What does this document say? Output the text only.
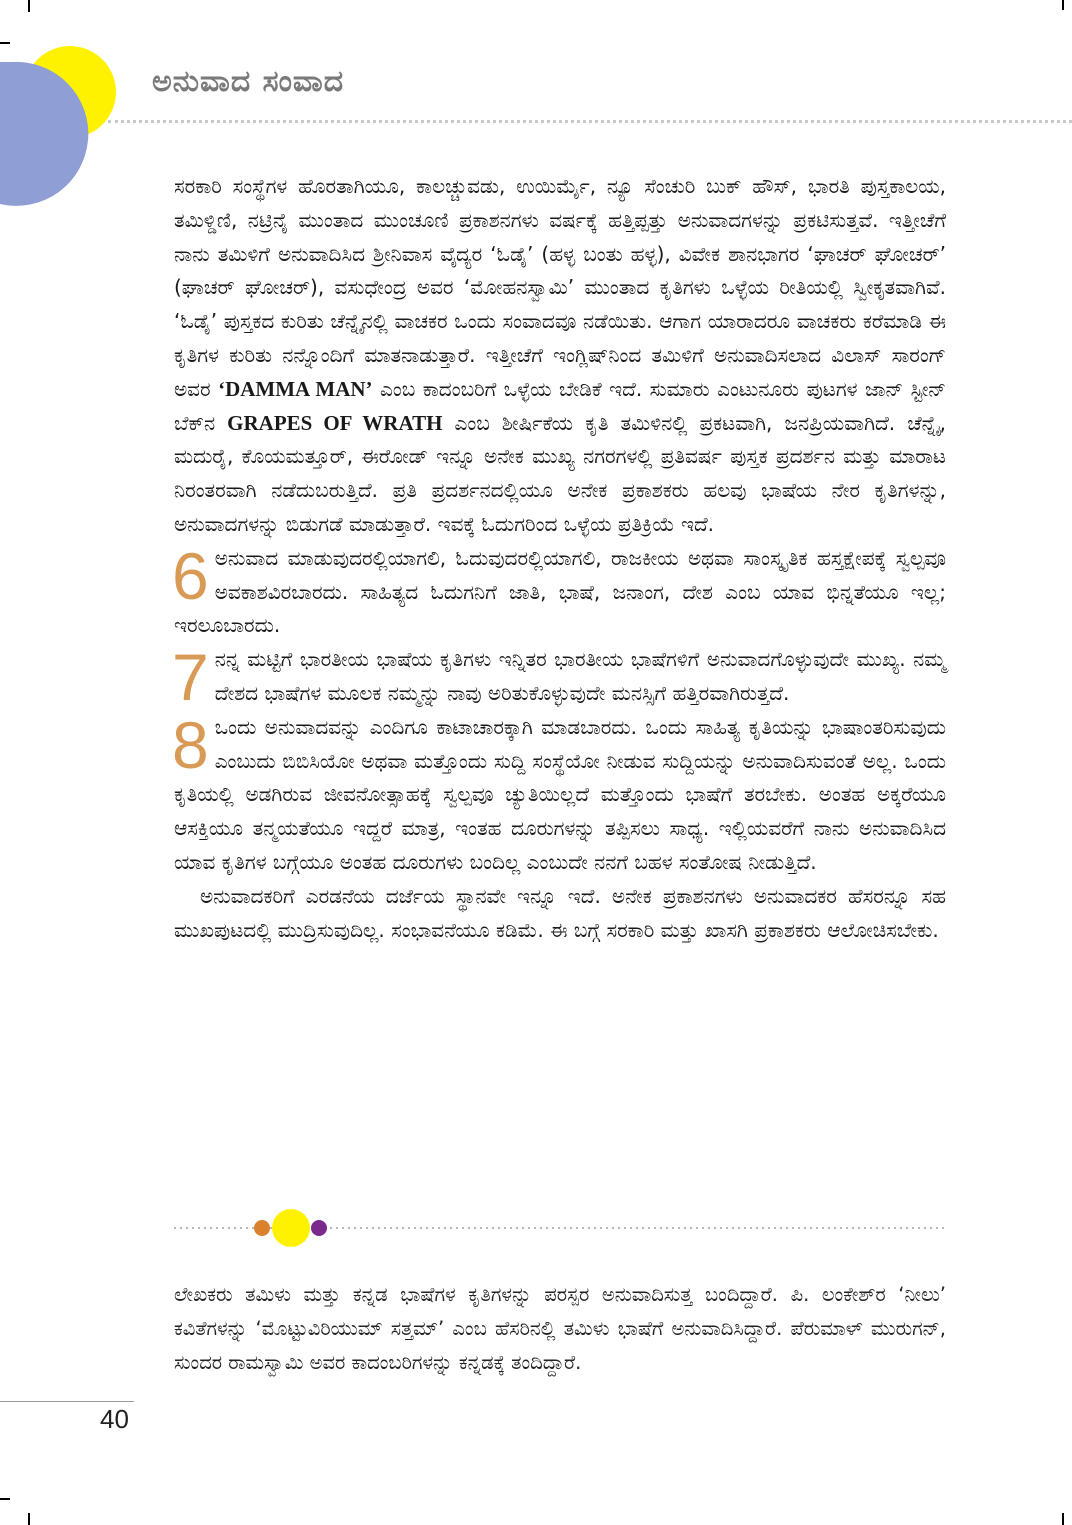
ಅನುವಾದ ಸಂವಾದ

ಸರಕಾರಿ ಸಂಸ್ಥೆಗಳ ಹೊರತಾಗಿಯೂ, ಕಾಲಚ್ಚುವಡು, ಉಯಿರ್ಮೈ, ನ್ಯೂ ಸೆಂಚುರಿ ಬುಕ್ ಹೌಸ್, ಭಾರತಿ ಪುಸ್ತಕಾಲಯ, ತಮಿಳ್ಡಿಣಿ, ನಟ್ರಿನೈ ಮುಂತಾದ ಮುಂಚೂಣಿ ಪ್ರಕಾಶನಗಳು ವರ್ಷಕ್ಕೆ ಹತ್ತಿಪ್ಪತ್ತು ಅನುವಾದಗಳನ್ನು ಪ್ರಕಟಿಸುತ್ತವೆ. ಇತ್ತೀಚೆಗೆ ನಾನು ತಮಿಳಿಗೆ ಅನುವಾದಿಸಿದ ಶ್ರೀನಿವಾಸ ವೈದ್ಯರ ‘ಓಡೈ’ (ಹಳ್ಳ ಬಂತು ಹಳ್ಳ), ವಿವೇಕ ಶಾನಭಾಗರ ‘ಘಾಚರ್ ಘೋಚರ್’ (ಘಾಚರ್ ಘೋಚರ್), ವಸುಧೇಂದ್ರ ಅವರ ‘ಮೋಹನಸ್ವಾಮಿ’ ಮುಂತಾದ ಕೃತಿಗಳು ಒಳ್ಳೆಯ ರೀತಿಯಲ್ಲಿ ಸ್ವೀಕೃತವಾಗಿವೆ. ‘ಓಡೈ’ ಪುಸ್ತಕದ ಕುರಿತು ಚೆನ್ನೈನಲ್ಲಿ ವಾಚಕರ ಒಂದು ಸಂವಾದವೂ ನಡೆಯಿತು. ಆಗಾಗ ಯಾರಾದರೂ ವಾಚಕರು ಕರೆಮಾಡಿ ಈ ಕೃತಿಗಳ ಕುರಿತು ನನ್ನೊಂದಿಗೆ ಮಾತನಾಡುತ್ತಾರೆ. ಇತ್ತೀಚೆಗೆ ಇಂಗ್ಲಿಷ್‌ನಿಂದ ತಮಿಳಿಗೆ ಅನುವಾದಿಸಲಾದ ವಿಲಾಸ್ ಸಾರಂಗ್ ಅವರ ‘DAMMA MAN’ ಎಂಬ ಕಾದಂಬರಿಗೆ ಒಳ್ಳೆಯ ಬೇಡಿಕೆ ಇದೆ. ಸುಮಾರು ಎಂಟುನೂರು ಪುಟಗಳ ಜಾನ್ ಸ್ಟೀನ್ ಬೆಕ್‌ನ GRAPES OF WRATH ಎಂಬ ಶೀರ್ಷಿಕೆಯ ಕೃತಿ ತಮಿಳಿನಲ್ಲಿ ಪ್ರಕಟವಾಗಿ, ಜನಪ್ರಿಯವಾಗಿದೆ. ಚೆನ್ನೈ, ಮದುರೈ, ಕೊಯಮತ್ತೂರ್, ಈರೋಡ್ ಇನ್ನೂ ಅನೇಕ ಮುಖ್ಯ ನಗರಗಳಲ್ಲಿ ಪ್ರತಿವರ್ಷ ಪುಸ್ತಕ ಪ್ರದರ್ಶನ ಮತ್ತು ಮಾರಾಟ ನಿರಂತರವಾಗಿ ನಡೆದುಬರುತ್ತಿದೆ. ಪ್ರತಿ ಪ್ರದರ್ಶನದಲ್ಲಿಯೂ ಅನೇಕ ಪ್ರಕಾಶಕರು ಹಲವು ಭಾಷೆಯ ನೇರ ಕೃತಿಗಳನ್ನು, ಅನುವಾದಗಳನ್ನು ಬಿಡುಗಡೆ ಮಾಡುತ್ತಾರೆ. ಇವಕ್ಕೆ ಓದುಗರಿಂದ ಒಳ್ಳೆಯ ಪ್ರತಿಕ್ರಿಯೆ ಇದೆ.

6 ಅನುವಾದ ಮಾಡುವುದರಲ್ಲಿಯಾಗಲಿ, ಓದುವುದರಲ್ಲಿಯಾಗಲಿ, ರಾಜಕೀಯ ಅಥವಾ ಸಾಂಸ್ಕೃತಿಕ ಹಸ್ತಕ್ಷೇಪಕ್ಕೆ ಸ್ವಲ್ಪವೂ ಅವಕಾಶವಿರಬಾರದು. ಸಾಹಿತ್ಯದ ಓದುಗನಿಗೆ ಜಾತಿ, ಭಾಷೆ, ಜನಾಂಗ, ದೇಶ ಎಂಬ ಯಾವ ಭಿನ್ನತೆಯೂ ಇಲ್ಲ; ಇರಲೂಬಾರದು.

7 ನನ್ನ ಮಟ್ಟಿಗೆ ಭಾರತೀಯ ಭಾಷೆಯ ಕೃತಿಗಳು ಇನ್ನಿತರ ಭಾರತೀಯ ಭಾಷೆಗಳಿಗೆ ಅನುವಾದಗೊಳ್ಳುವುದೇ ಮುಖ್ಯ. ನಮ್ಮ ದೇಶದ ಭಾಷೆಗಳ ಮೂಲಕ ನಮ್ಮನ್ನು ನಾವು ಅರಿತುಕೊಳ್ಳುವುದೇ ಮನಸ್ಸಿಗೆ ಹತ್ತಿರವಾಗಿರುತ್ತದೆ.

8 ಒಂದು ಅನುವಾದವನ್ನು ಎಂದಿಗೂ ಕಾಟಾಚಾರಕ್ಕಾಗಿ ಮಾಡಬಾರದು. ಒಂದು ಸಾಹಿತ್ಯ ಕೃತಿಯನ್ನು ಭಾಷಾಂತರಿಸುವುದು ಎಂಬುದು ಬಿಬಿಸಿಯೋ ಅಥವಾ ಮತ್ತೊಂದು ಸುದ್ದಿ ಸಂಸ್ಥೆಯೋ ನೀಡುವ ಸುದ್ದಿಯನ್ನು ಅನುವಾದಿಸುವಂತೆ ಅಲ್ಲ. ಒಂದು ಕೃತಿಯಲ್ಲಿ ಅಡಗಿರುವ ಜೀವನೋತ್ಸಾಹಕ್ಕೆ ಸ್ವಲ್ಪವೂ ಚ್ಯುತಿಯಿಲ್ಲದೆ ಮತ್ತೊಂದು ಭಾಷೆಗೆ ತರಬೇಕು. ಅಂತಹ ಅಕ್ಕರೆಯೂ ಆಸಕ್ತಿಯೂ ತನ್ಮಯತೆಯೂ ಇದ್ದರೆ ಮಾತ್ರ, ಇಂತಹ ದೂರುಗಳನ್ನು ತಪ್ಪಿಸಲು ಸಾಧ್ಯ. ಇಲ್ಲಿಯವರೆಗೆ ನಾನು ಅನುವಾದಿಸಿದ ಯಾವ ಕೃತಿಗಳ ಬಗ್ಗೆಯೂ ಅಂತಹ ದೂರುಗಳು ಬಂದಿಲ್ಲ ಎಂಬುದೇ ನನಗೆ ಬಹಳ ಸಂತೋಷ ನೀಡುತ್ತಿದೆ.

ಅನುವಾದಕರಿಗೆ ಎರಡನೆಯ ದರ್ಜೆಯ ಸ್ಥಾನವೇ ಇನ್ನೂ ಇದೆ. ಅನೇಕ ಪ್ರಕಾಶನಗಳು ಅನುವಾದಕರ ಹೆಸರನ್ನೂ ಸಹ ಮುಖಪುಟದಲ್ಲಿ ಮುದ್ರಿಸುವುದಿಲ್ಲ. ಸಂಭಾವನೆಯೂ ಕಡಿಮೆ. ಈ ಬಗ್ಗೆ ಸರಕಾರಿ ಮತ್ತು ಖಾಸಗಿ ಪ್ರಕಾಶಕರು ಆಲೋಚಿಸಬೇಕು.

ಲೇಖಕರು ತಮಿಳು ಮತ್ತು ಕನ್ನಡ ಭಾಷೆಗಳ ಕೃತಿಗಳನ್ನು ಪರಸ್ಪರ ಅನುವಾದಿಸುತ್ತ ಬಂದಿದ್ದಾರೆ. ಪಿ. ಲಂಕೇಶ್‌ರ ‘ನೀಲು’ ಕವಿತೆಗಳನ್ನು ‘ಮೊಟ್ಟುವಿರಿಯುಮ್ ಸತ್ತಮ್’ ಎಂಬ ಹೆಸರಿನಲ್ಲಿ ತಮಿಳು ಭಾಷೆಗೆ ಅನುವಾದಿಸಿದ್ದಾರೆ. ಪೆರುಮಾಳ್ ಮುರುಗನ್, ಸುಂದರ ರಾಮಸ್ವಾಮಿ ಅವರ ಕಾದಂಬರಿಗಳನ್ನು ಕನ್ನಡಕ್ಕೆ ತಂದಿದ್ದಾರೆ.

40
